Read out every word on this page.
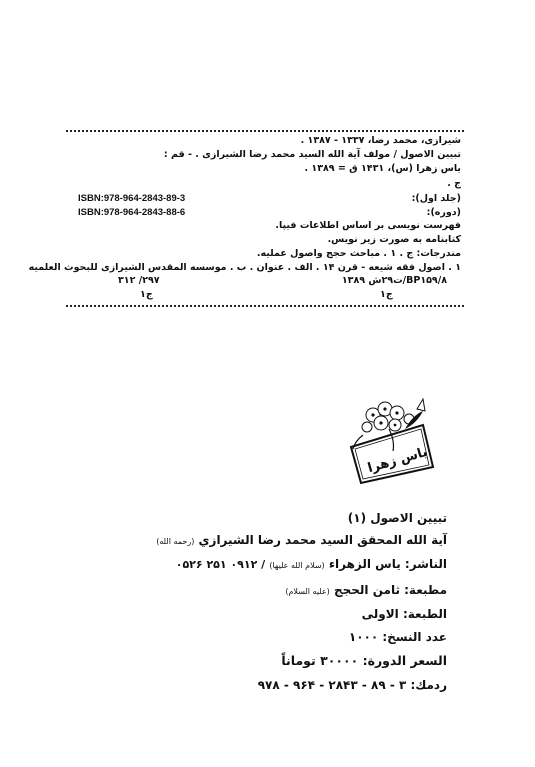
شیرازی، محمد رضا، ۱۳۳۷ - ۱۳۸۷ .
تبیین الاصول / مولف آیة الله السید محمد رضا الشیرازی . - قم :
یاس زهرا (س)، ۱۴۳۱ ق = ۱۳۸۹ .
ج .
(جلد اول):
ISBN:978-964-2843-89-3
(دوره):
ISBN:978-964-2843-88-6
فهرست نویسی بر اساس اطلاعات فیپا.
کتابنامه به صورت زیر نویس.
مندرجات: ج . ۱ . مباحث حجج واصول عملیه.
۱ . اصول فقه شیعه - قرن ۱۴ . الف . عنوان . ب . موسسه المقدس الشیرازی للبحوث العلمیه
BP۱۵۹/۸/ت۲۹ش ۱۳۸۹
۲۹۷/ ۳۱۲
ج۱	ج۱
یاس زهرا
تبیین الاصول (۱)
آیة الله المحقق السید محمد رضا الشیرازي (رحمه الله)
الناشر: یاس الزهراء (سلام الله علیها) / ۰۹۱۲ ۲۵۱ ۰۵۲۶
مطبعة: ثامن الحجج (علیه السلام)
الطبعة: الاولی
عدد النسخ: ۱۰۰۰
السعر الدورة: ۳۰۰۰۰ توماناً
ردمك: ۳ - ۸۹ - ۲۸۴۳ - ۹۶۴ - ۹۷۸
